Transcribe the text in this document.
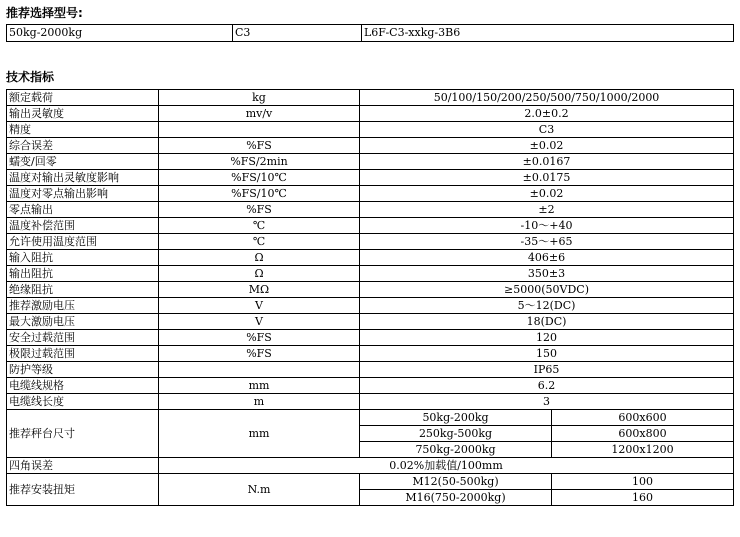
推荐选择型号:
50kg-2000kg	C3	L6F-C3-xxkg-3B6
技术指标
额定载荷	kg	50/100/150/200/250/500/750/1000/2000	
输出灵敏度	mv/v	2.0±0.2	
精度		C3	
综合误差	%FS	±0.02	
蠕变/回零	%FS/2min	±0.0167	
温度对输出灵敏度影响	%FS/10℃	±0.0175	
温度对零点输出影响	%FS/10℃	±0.02	
零点输出	%FS	±2	
温度补偿范围	℃	-10～+40	
允许使用温度范围	℃	-35～+65	
输入阻抗	Ω	406±6	
输出阻抗	Ω	350±3	
绝缘阻抗	MΩ	≥5000(50VDC)	
推荐激励电压	V	5～12(DC)	
最大激励电压	V	18(DC)	
安全过载范围	%FS	120	
极限过载范围	%FS	150	
防护等级		IP65	
电缆线规格	mm	6.2	
电缆线长度	m	3	
推荐秤台尺寸	mm	50kg-200kg	600x600
		250kg-500kg	600x800
		750kg-2000kg	1200x1200
四角误差	0.02%加载值/100mm		
推荐安装扭矩	N.m	M12(50-500kg)	100
		M16(750-2000kg)	160
